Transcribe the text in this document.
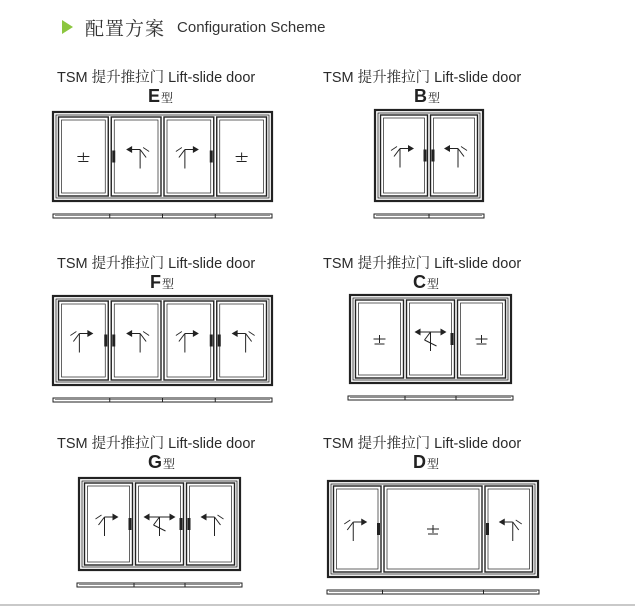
配置方案 Configuration Scheme
TSM 提升推拉门 Lift-slide door
E型
TSM 提升推拉门 Lift-slide door
B型
TSM 提升推拉门 Lift-slide door
F型
TSM 提升推拉门 Lift-slide door
C型
TSM 提升推拉门 Lift-slide door
G型
TSM 提升推拉门 Lift-slide door
D型
